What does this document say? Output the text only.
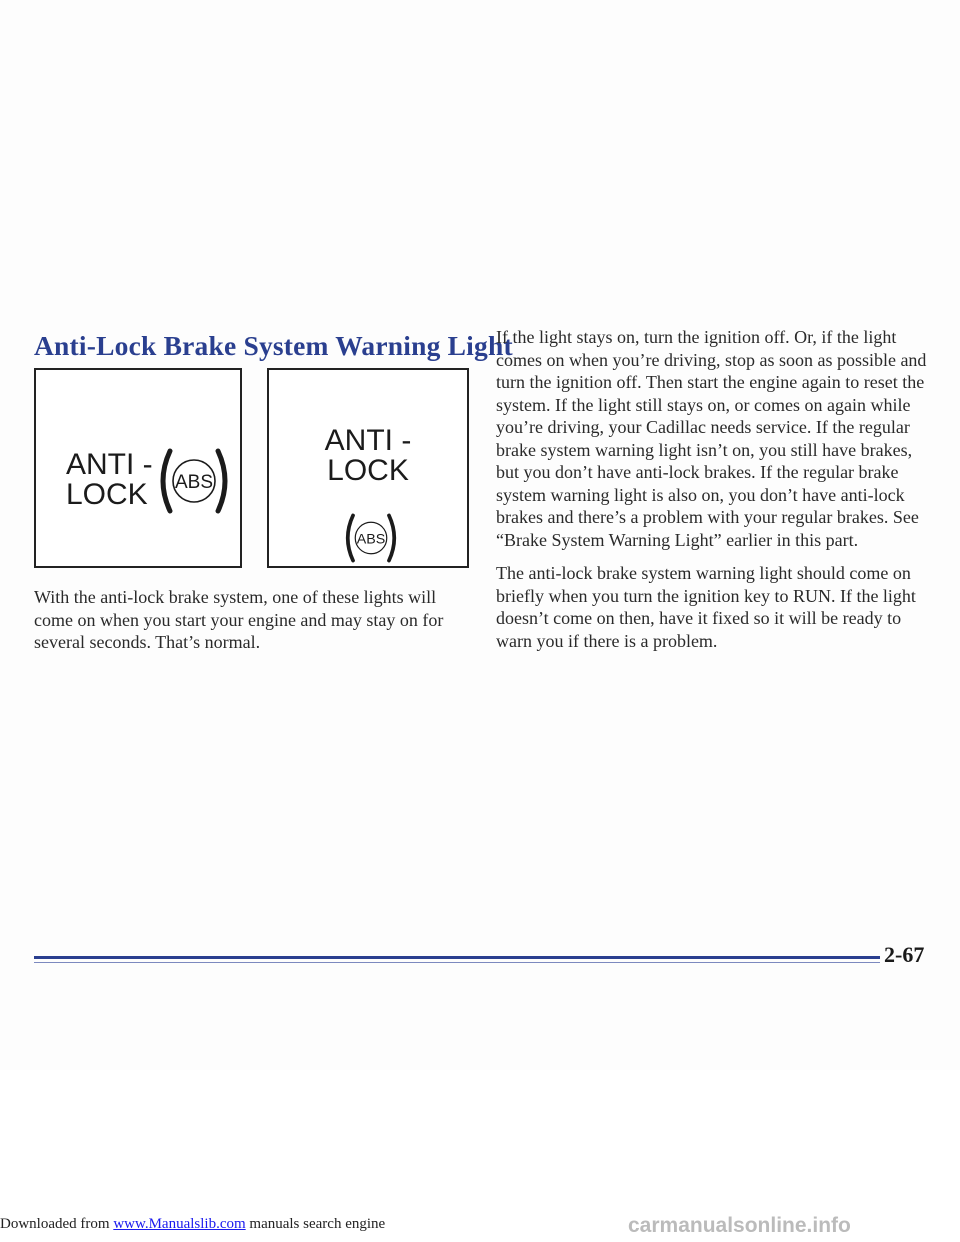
Anti-Lock Brake System Warning Light
ANTI -
LOCK ABS
ANTI -
LOCK
ABS

With the anti-lock brake system, one of these lights will come on when you start your engine and may stay on for several seconds. That’s normal.

If the light stays on, turn the ignition off. Or, if the light comes on when you’re driving, stop as soon as possible and turn the ignition off. Then start the engine again to reset the system. If the light still stays on, or comes on again while you’re driving, your Cadillac needs service. If the regular brake system warning light isn’t on, you still have brakes, but you don’t have anti-lock brakes. If the regular brake system warning light is also on, you don’t have anti-lock brakes and there’s a problem with your regular brakes. See “Brake System Warning Light” earlier in this part.

The anti-lock brake system warning light should come on briefly when you turn the ignition key to RUN. If the light doesn’t come on then, have it fixed so it will be ready to warn you if there is a problem.

2-67

Downloaded from www.Manualslib.com manuals search engine	carmanualsonline.info
